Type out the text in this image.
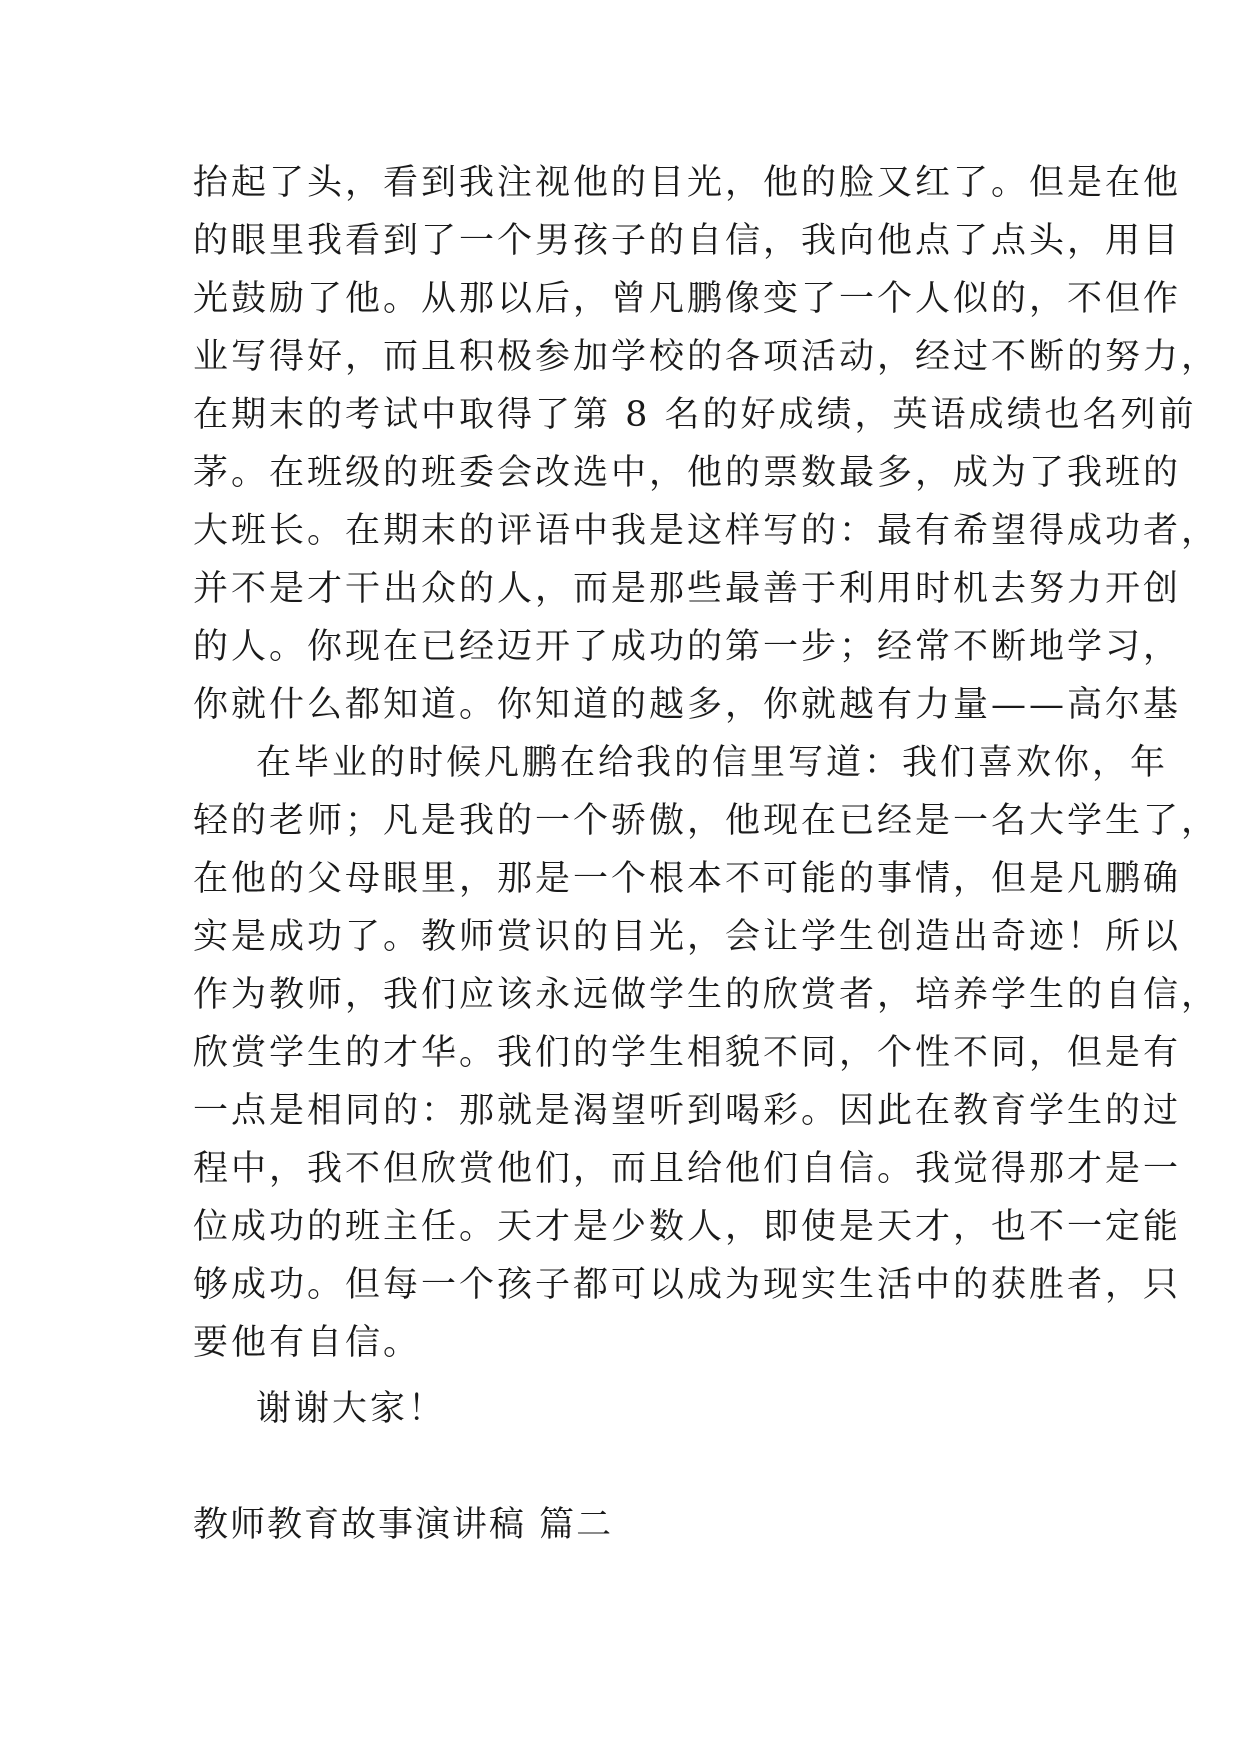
抬起了头，看到我注视他的目光，他的脸又红了。但是在他
的眼里我看到了一个男孩子的自信，我向他点了点头，用目
光鼓励了他。从那以后，曾凡鹏像变了一个人似的，不但作
业写得好，而且积极参加学校的各项活动，经过不断的努力，
在期末的考试中取得了第 8 名的好成绩，英语成绩也名列前
茅。在班级的班委会改选中，他的票数最多，成为了我班的
大班长。在期末的评语中我是这样写的：最有希望得成功者，
并不是才干出众的人，而是那些最善于利用时机去努力开创
的人。你现在已经迈开了成功的第一步；经常不断地学习，
你就什么都知道。你知道的越多，你就越有力量——高尔基
在毕业的时候凡鹏在给我的信里写道：我们喜欢你，年
轻的老师；凡是我的一个骄傲，他现在已经是一名大学生了，
在他的父母眼里，那是一个根本不可能的事情，但是凡鹏确
实是成功了。教师赏识的目光，会让学生创造出奇迹！所以
作为教师，我们应该永远做学生的欣赏者，培养学生的自信，
欣赏学生的才华。我们的学生相貌不同，个性不同，但是有
一点是相同的：那就是渴望听到喝彩。因此在教育学生的过
程中，我不但欣赏他们，而且给他们自信。我觉得那才是一
位成功的班主任。天才是少数人，即使是天才，也不一定能
够成功。但每一个孩子都可以成为现实生活中的获胜者，只
要他有自信。
谢谢大家！
教师教育故事演讲稿 篇二
